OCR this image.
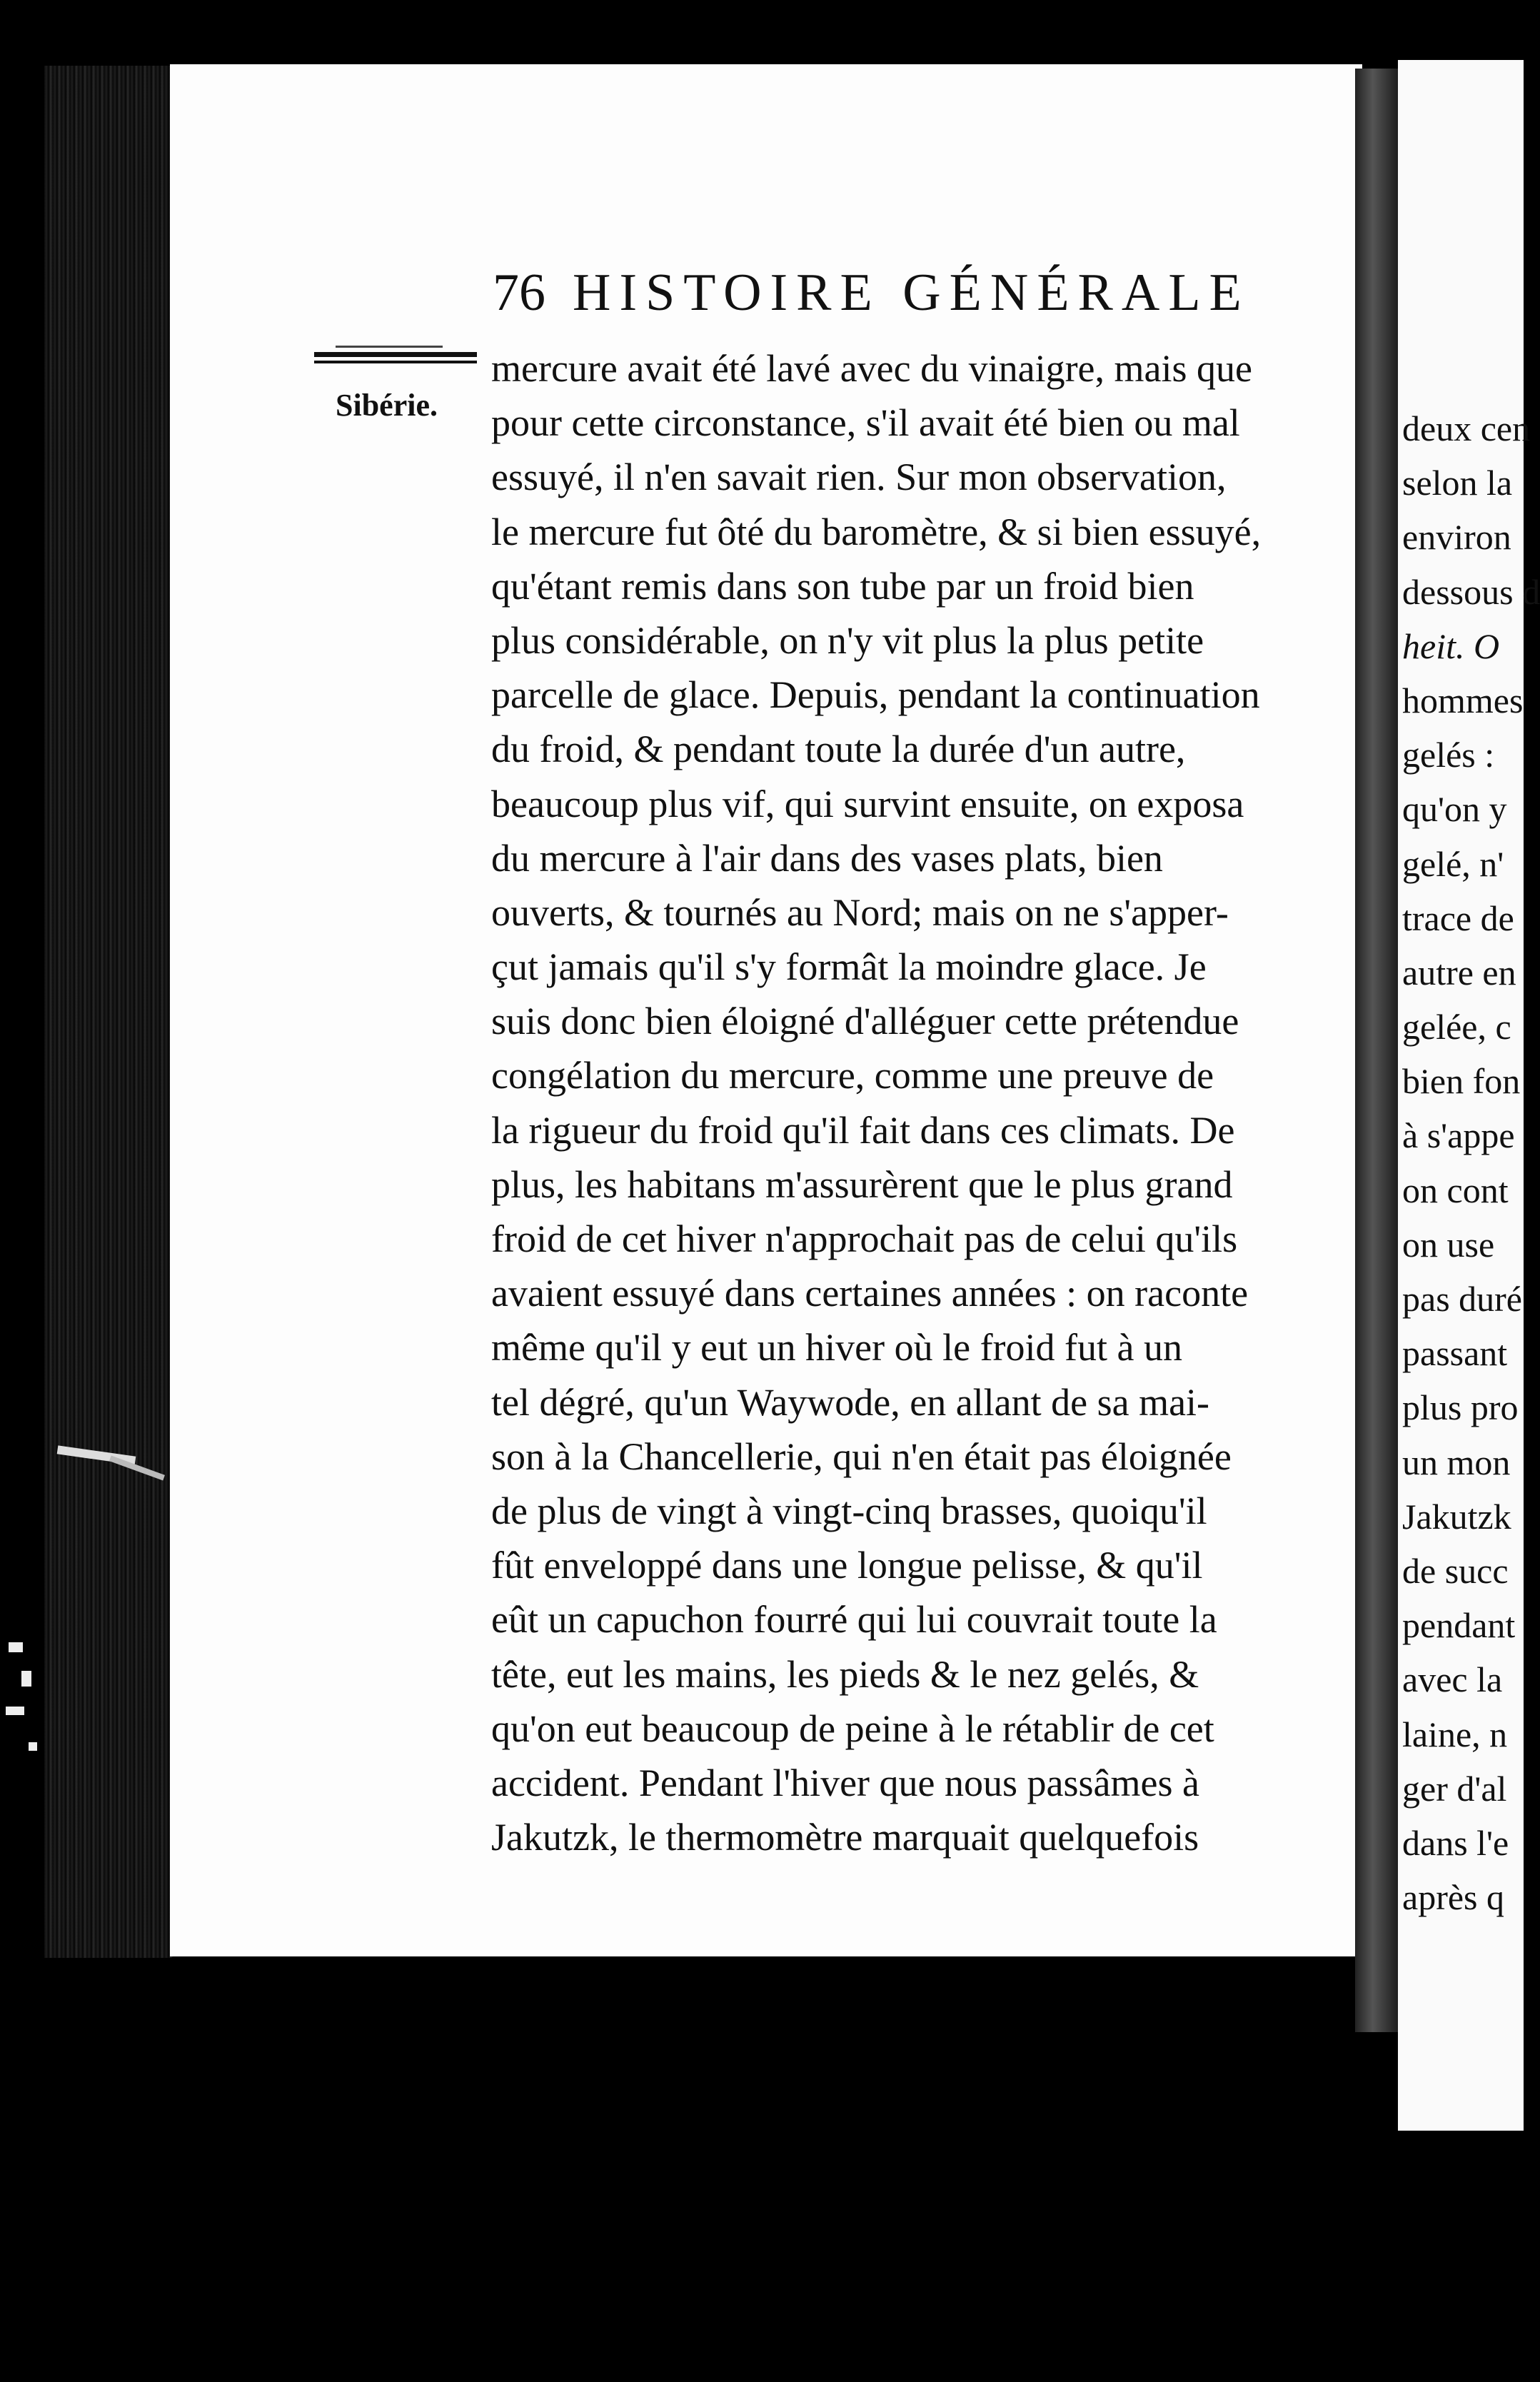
76 HISTOIRE GÉNÉRALE
Sibérie.
mercure avait été lavé avec du vinaigre, mais que
pour cette circonstance, s'il avait été bien ou mal
essuyé, il n'en savait rien. Sur mon observation,
le mercure fut ôté du baromètre, & si bien essuyé,
qu'étant remis dans son tube par un froid bien
plus considérable, on n'y vit plus la plus petite
parcelle de glace. Depuis, pendant la continuation
du froid, & pendant toute la durée d'un autre,
beaucoup plus vif, qui survint ensuite, on exposa
du mercure à l'air dans des vases plats, bien
ouverts, & tournés au Nord; mais on ne s'apper-
çut jamais qu'il s'y formât la moindre glace. Je
suis donc bien éloigné d'alléguer cette prétendue
congélation du mercure, comme une preuve de
la rigueur du froid qu'il fait dans ces climats. De
plus, les habitans m'assurèrent que le plus grand
froid de cet hiver n'approchait pas de celui qu'ils
avaient essuyé dans certaines années : on raconte
même qu'il y eut un hiver où le froid fut à un
tel dégré, qu'un Waywode, en allant de sa mai-
son à la Chancellerie, qui n'en était pas éloignée
de plus de vingt à vingt-cinq brasses, quoiqu'il
fût enveloppé dans une longue pelisse, & qu'il
eût un capuchon fourré qui lui couvrait toute la
tête, eut les mains, les pieds & le nez gelés, &
qu'on eut beaucoup de peine à le rétablir de cet
accident. Pendant l'hiver que nous passâmes à
Jakutzk, le thermomètre marquait quelquefois
deux cen
selon la
environ
dessous d
heit. O
hommes
gelés :
qu'on y
gelé, n'
trace de
autre en
gelée, c
bien fon
à s'appe
on cont
on use
pas duré
passant
plus pro
un mon
Jakutzk
de succ
pendant
avec la
laine, n
ger d'al
dans l'e
après q
